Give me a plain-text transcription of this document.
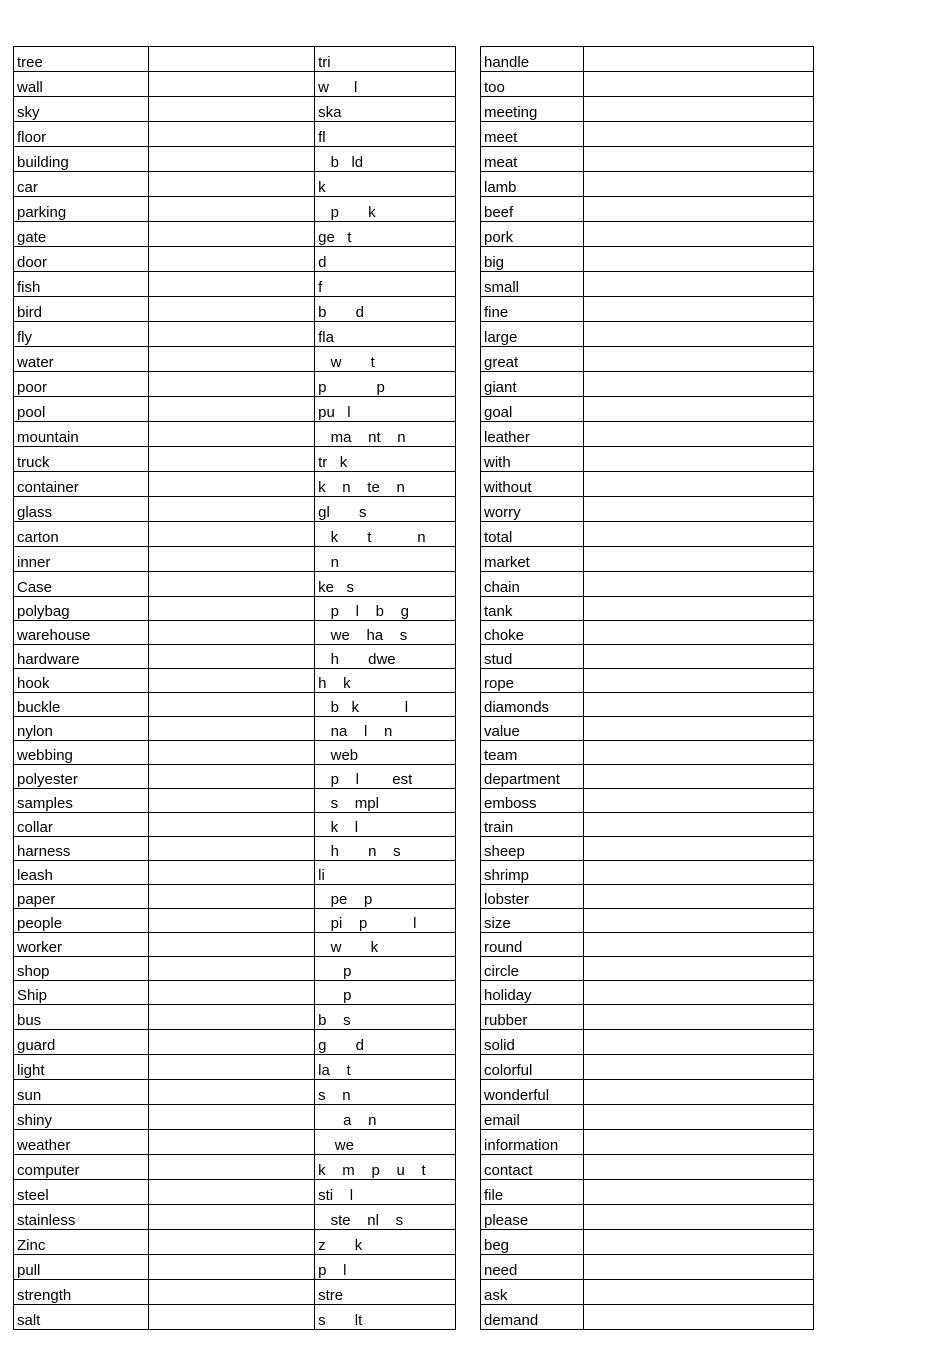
tree		tri
wall		w      l
sky		ska
floor		fl
building		b   ld
car		k
parking		p       k
gate		ge   t
door		d
fish		f
bird		b       d
fly		fla
water		w       t
poor		p            p
pool		pu   l
mountain		ma    nt    n
truck		tr   k
container		k    n    te    n
glass		gl       s
carton		k       t           n
inner		n
Case		ke   s
polybag		p    l    b    g
warehouse		we    ha    s
hardware		h       dwe
hook		h    k
buckle		b   k           l
nylon		na    l    n
webbing		web
polyester		p    l        est
samples		s    mpl
collar		k    l
harness		h       n    s
leash		li
paper		pe    p
people		pi    p           l
worker		w       k
shop		p
Ship		p
bus		b    s
guard		g       d
light		la    t
sun		s    n
shiny		a    n
weather		we
computer		k    m    p    u    t
steel		sti    l
stainless		ste    nl    s
Zinc		z       k
pull		p    l
strength		stre
salt		s       lt
handle	
too	
meeting	
meet	
meat	
lamb	
beef	
pork	
big	
small	
fine	
large	
great	
giant	
goal	
leather	
with	
without	
worry	
total	
market	
chain	
tank	
choke	
stud	
rope	
diamonds	
value	
team	
department	
emboss	
train	
sheep	
shrimp	
lobster	
size	
round	
circle	
holiday	
rubber	
solid	
colorful	
wonderful	
email	
information	
contact	
file	
please	
beg	
need	
ask	
demand	
